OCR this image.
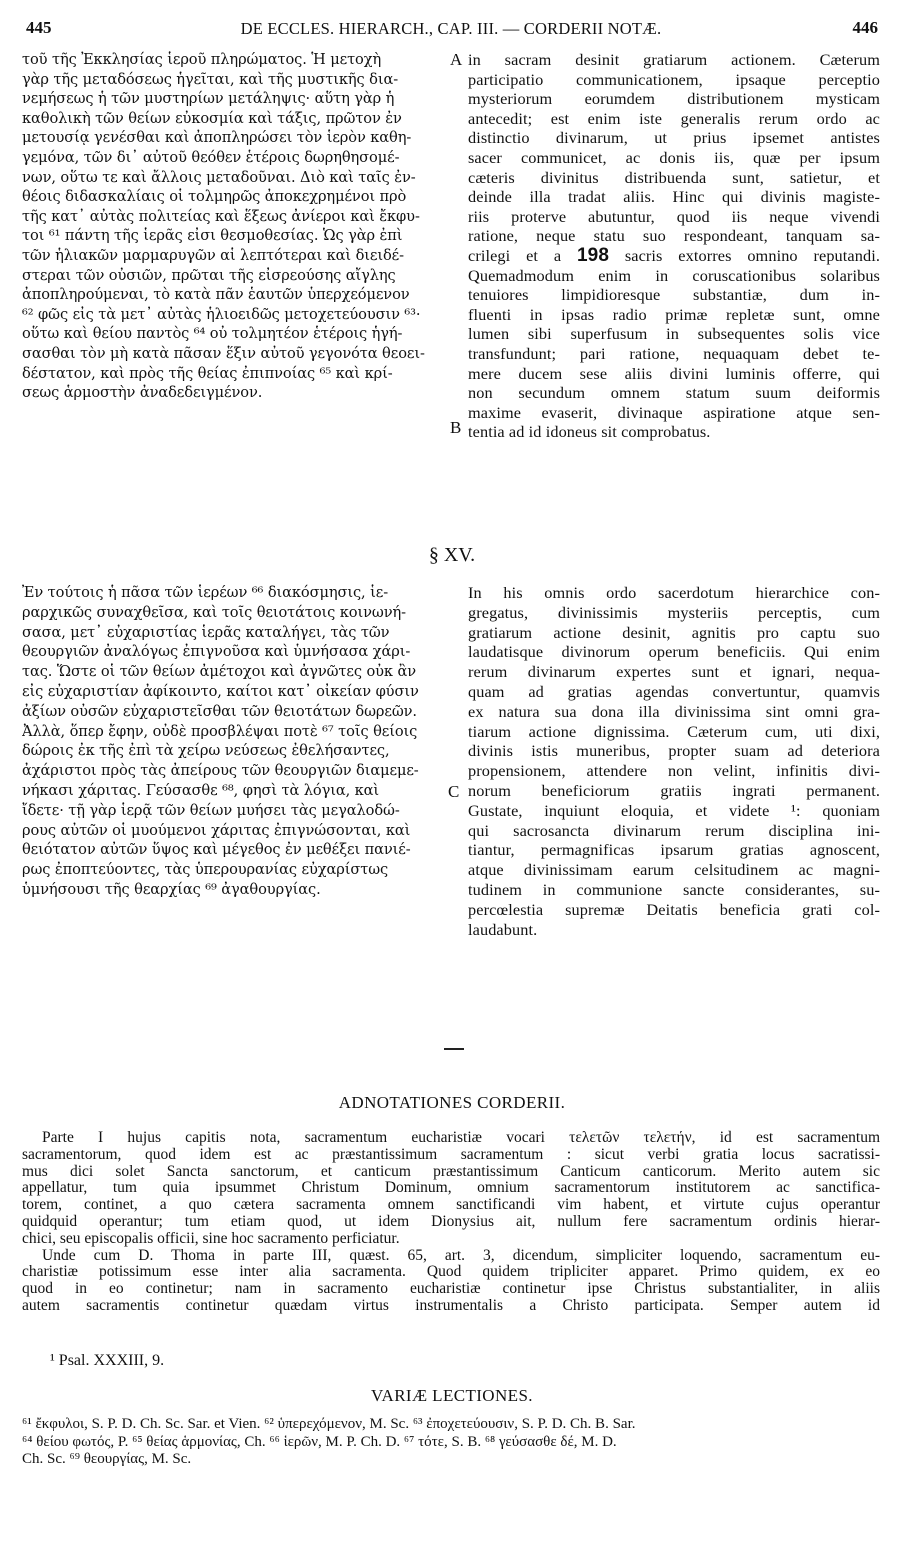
445	DE ECCLES. HIERARCH., CAP. III. — CORDERII NOTÆ.	446

τοῦ τῆς Ἐκκλησίας ἱεροῦ πληρώματος. Ἡ μετοχὴ

γὰρ τῆς μεταδόσεως ἡγεῖται, καὶ τῆς μυστικῆς δια-

νεμήσεως ἡ τῶν μυστηρίων μετάληψις· αὕτη γὰρ ἡ

καθολικὴ τῶν θείων εὐκοσμία καὶ τάξις, πρῶτον ἐν

μετουσίᾳ γενέσθαι καὶ ἀποπληρώσει τὸν ἱερὸν καθη-

γεμόνα, τῶν δι᾽ αὐτοῦ θεόθεν ἑτέροις δωρηθησομέ-

νων, οὕτω τε καὶ ἄλλοις μεταδοῦναι. Διὸ καὶ ταῖς ἐν-

θέοις διδασκαλίαις οἱ τολμηρῶς ἀποκεχρημένοι πρὸ

τῆς κατ᾽ αὐτὰς πολιτείας καὶ ἕξεως ἀνίεροι καὶ ἔκφυ-

τοι ⁶¹ πάντη τῆς ἱερᾶς εἰσι θεσμοθεσίας. Ὡς γὰρ ἐπὶ

τῶν ἡλιακῶν μαρμαρυγῶν αἱ λεπτότεραι καὶ διειδέ-

στεραι τῶν οὐσιῶν, πρῶται τῆς εἰσρεούσης αἴγλης

ἀποπληρούμεναι, τὸ κατὰ πᾶν ἑαυτῶν ὑπερχεόμενον

⁶² φῶς εἰς τὰ μετ᾽ αὐτὰς ἡλιοειδῶς μετοχετεύουσιν ⁶³·

οὕτω καὶ θείου παντὸς ⁶⁴ οὐ τολμητέον ἑτέροις ἡγή-

σασθαι τὸν μὴ κατὰ πᾶσαν ἕξιν αὐτοῦ γεγονότα θεοει-

δέστατον, καὶ πρὸς τῆς θείας ἐπιπνοίας ⁶⁵ καὶ κρί-

σεως ἁρμοστὴν ἀναδεδειγμένον.

A
B

in sacram desinit gratiarum actionem. Cæterum

participatio communicationem, ipsaque perceptio

mysteriorum eorumdem distributionem mysticam

antecedit; est enim iste generalis rerum ordo ac

distinctio divinarum, ut prius ipsemet antistes

sacer communicet, ac donis iis, quæ per ipsum

cæteris divinitus distribuenda sunt, satietur, et

deinde illa tradat aliis. Hinc qui divinis magiste-

riis proterve abutuntur, quod iis neque vivendi

ratione, neque statu suo respondeant, tanquam sa-

crilegi et a 198 sacris extorres omnino reputandi.

Quemadmodum enim in coruscationibus solaribus

tenuiores limpidioresque substantiæ, dum in-

fluenti in ipsas radio primæ repletæ sunt, omne

lumen sibi superfusum in subsequentes solis vice

transfundunt; pari ratione, nequaquam debet te-

mere ducem sese aliis divini luminis offerre, qui

non secundum omnem statum suum deiformis

maxime evaserit, divinaque aspiratione atque sen-

tentia ad id idoneus sit comprobatus.

§ XV.

Ἐν τούτοις ἡ πᾶσα τῶν ἱερέων ⁶⁶ διακόσμησις, ἱε-

ραρχικῶς συναχθεῖσα, καὶ τοῖς θειοτάτοις κοινωνή-

σασα, μετ᾽ εὐχαριστίας ἱερᾶς καταλήγει, τὰς τῶν

θεουργιῶν ἀναλόγως ἐπιγνοῦσα καὶ ὑμνήσασα χάρι-

τας. Ὥστε οἱ τῶν θείων ἀμέτοχοι καὶ ἀγνῶτες οὐκ ἂν

εἰς εὐχαριστίαν ἀφίκοιντο, καίτοι κατ᾽ οἰκείαν φύσιν

ἀξίων οὐσῶν εὐχαριστεῖσθαι τῶν θειοτάτων δωρεῶν.

Ἀλλὰ, ὅπερ ἔφην, οὐδὲ προσβλέψαι ποτὲ ⁶⁷ τοῖς θείοις

δώροις ἐκ τῆς ἐπὶ τὰ χείρω νεύσεως ἐθελήσαντες,

ἀχάριστοι πρὸς τὰς ἀπείρους τῶν θεουργιῶν διαμεμε-

νήκασι χάριτας. Γεύσασθε ⁶⁸, φησὶ τὰ λόγια, καὶ

ἴδετε· τῇ γὰρ ἱερᾷ τῶν θείων μυήσει τὰς μεγαλοδώ-

ρους αὐτῶν οἱ μυούμενοι χάριτας ἐπιγνώσονται, καὶ

θειότατον αὐτῶν ὕψος καὶ μέγεθος ἐν μεθέξει πανιέ-

ρως ἐποπτεύοντες, τὰς ὑπερουρανίας εὐχαρίστως

ὑμνήσουσι τῆς θεαρχίας ⁶⁹ ἀγαθουργίας.

C

In his omnis ordo sacerdotum hierarchice con-

gregatus, divinissimis mysteriis perceptis, cum

gratiarum actione desinit, agnitis pro captu suo

laudatisque divinorum operum beneficiis. Qui enim

rerum divinarum expertes sunt et ignari, nequa-

quam ad gratias agendas convertuntur, quamvis

ex natura sua dona illa divinissima sint omni gra-

tiarum actione dignissima. Cæterum cum, uti dixi,

divinis istis muneribus, propter suam ad deteriora

propensionem, attendere non velint, infinitis divi-

norum beneficiorum gratiis ingrati permanent.

Gustate, inquiunt eloquia, et videte ¹: quoniam

qui sacrosancta divinarum rerum disciplina ini-

tiantur, permagnificas ipsarum gratias agnoscent,

atque divinissimam earum celsitudinem ac magni-

tudinem in communione sancte considerantes, su-

percœlestia supremæ Deitatis beneficia grati col-

laudabunt.

ADNOTATIONES CORDERII.

Parte I hujus capitis nota, sacramentum eucharistiæ vocari τελετῶν τελετήν, id est sacramentum

sacramentorum, quod idem est ac præstantissimum sacramentum : sicut verbi gratia locus sacratissi-

mus dici solet Sancta sanctorum, et canticum præstantissimum Canticum canticorum. Merito autem sic

appellatur, tum quia ipsummet Christum Dominum, omnium sacramentorum institutorem ac sanctifica-

torem, continet, a quo cætera sacramenta omnem sanctificandi vim habent, et virtute cujus operantur

quidquid operantur; tum etiam quod, ut idem Dionysius ait, nullum fere sacramentum ordinis hierar-

chici, seu episcopalis officii, sine hoc sacramento perficiatur.

Unde cum D. Thoma in parte III, quæst. 65, art. 3, dicendum, simpliciter loquendo, sacramentum eu-

charistiæ potissimum esse inter alia sacramenta. Quod quidem tripliciter apparet. Primo quidem, ex eo

quod in eo continetur; nam in sacramento eucharistiæ continetur ipse Christus substantialiter, in aliis

autem sacramentis continetur quædam virtus instrumentalis a Christo participata. Semper autem id

¹ Psal. XXXIII, 9.
VARIÆ LECTIONES.

⁶¹ ἔκφυλοι, S. P. D. Ch. Sc. Sar. et Vien. ⁶² ὑπερεχόμενον, M. Sc. ⁶³ ἐποχετεύουσιν, S. P. D. Ch. B. Sar.

⁶⁴ θείου φωτός, P. ⁶⁵ θείας ἁρμονίας, Ch. ⁶⁶ ἱερῶν, M. P. Ch. D. ⁶⁷ τότε, S. B. ⁶⁸ γεύσασθε δέ, M. D.

Ch. Sc. ⁶⁹ θεουργίας, M. Sc.
